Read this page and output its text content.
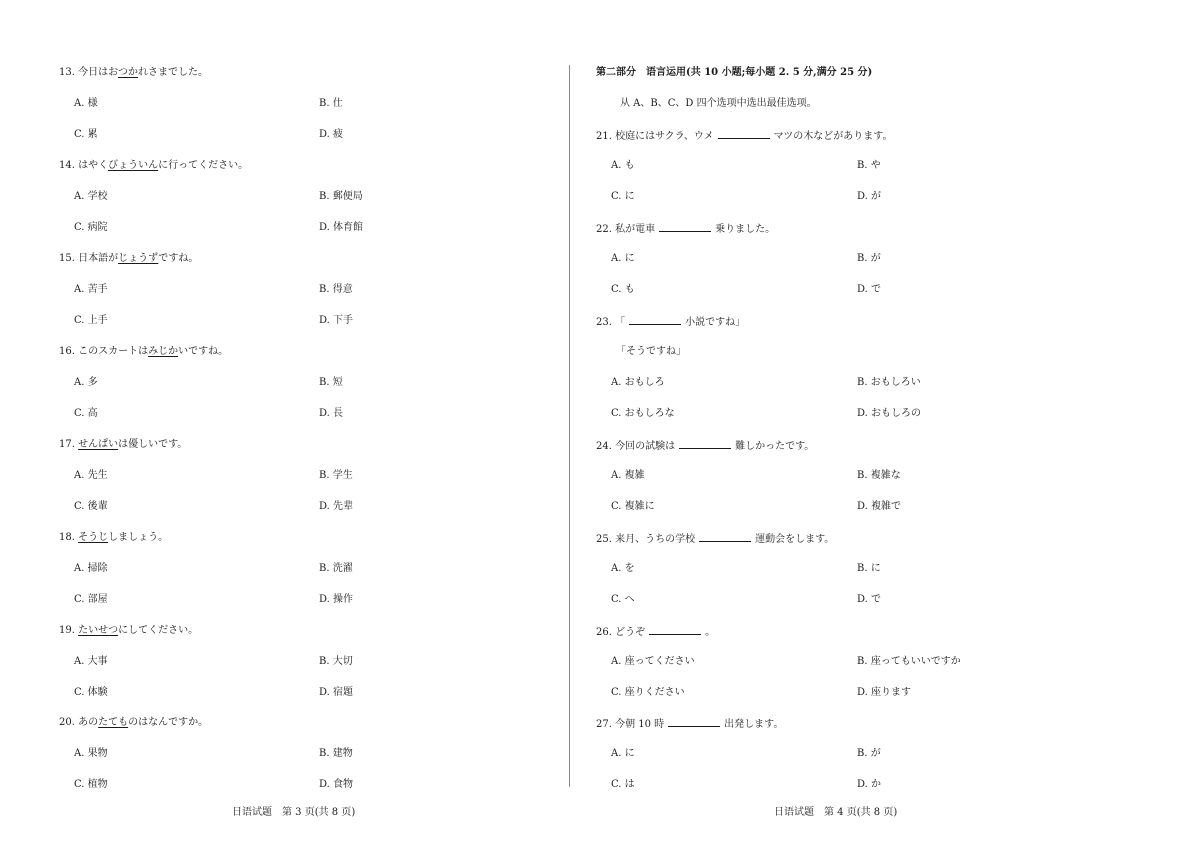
13. 今日はおつかれさまでした。
A. 様	B. 仕
C. 累	D. 疲
14. はやくびょういんに行ってください。
A. 学校	B. 郵便局
C. 病院	D. 体育館
15. 日本語がじょうずですね。
A. 苦手	B. 得意
C. 上手	D. 下手
16. このスカートはみじかいですね。
A. 多	B. 短
C. 高	D. 長
17. せんぱいは優しいです。
A. 先生	B. 学生
C. 後輩	D. 先辈
18. そうじしましょう。
A. 掃除	B. 洗濯
C. 部屋	D. 操作
19. たいせつにしてください。
A. 大事	B. 大切
C. 体験	D. 宿題
20. あのたてものはなんですか。
A. 果物	B. 建物
C. 植物	D. 食物
日语试题　第 3 页(共 8 页)
第二部分　语言运用(共 10 小题;每小题 2. 5 分,满分 25 分)
从 A、B、C、D 四个选项中选出最佳选项。
21. 校庭にはサクラ、ウメ	マツの木などがあります。
A. も	B. や
C. に	D. が
22. 私が電車	乗りました。
A. に	B. が
C. も	D. で
23. 「	小説ですね」
「そうですね」
A. おもしろ	B. おもしろい
C. おもしろな	D. おもしろの
24. 今回の試験は	難しかったです。
A. 複雑	B. 複雑な
C. 複雑に	D. 複雑で
25. 来月、うちの学校	運動会をします。
A. を	B. に
C. へ	D. で
26. どうぞ	。
A. 座ってください	B. 座ってもいいですか
C. 座りください	D. 座ります
27. 今朝 10 時	出発します。
A. に	B. が
C. は	D. か
日语试题　第 4 页(共 8 页)
